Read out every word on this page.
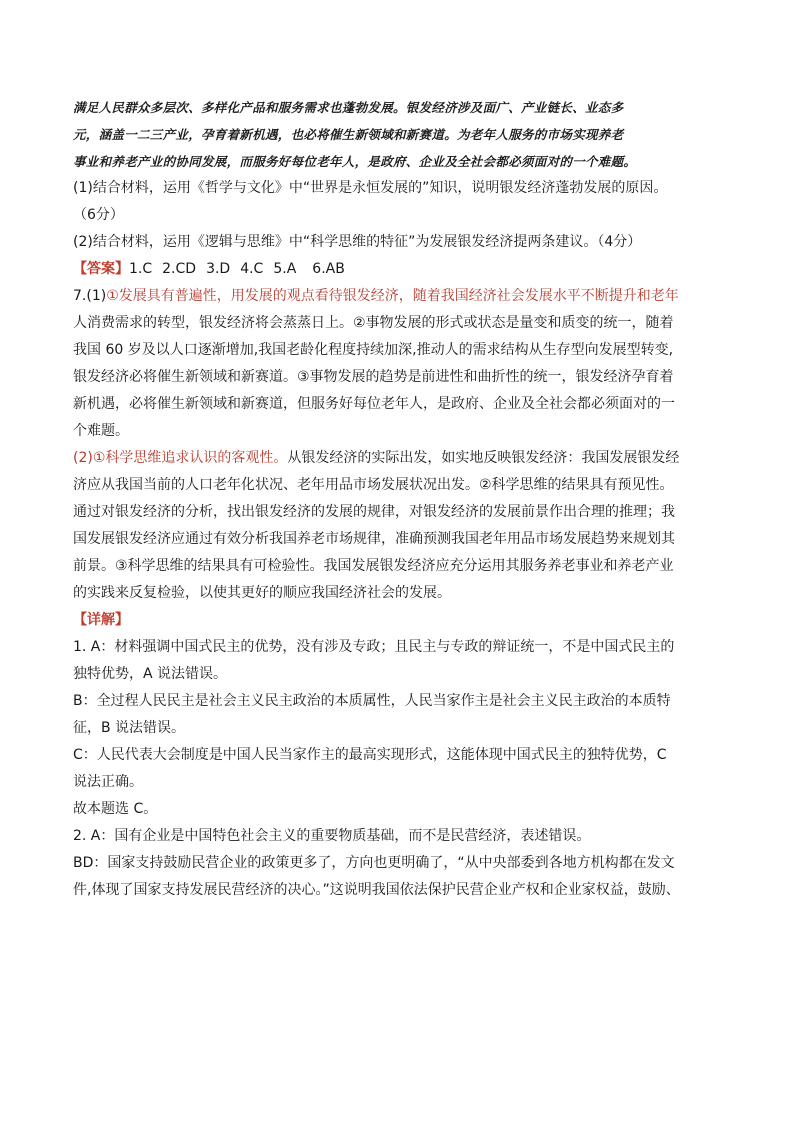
满足人民群众多层次、多样化产品和服务需求也蓬勃发展。银发经济涉及面广、产业链长、业态多
元，涵盖一二三产业，孕育着新机遇，也必将催生新领域和新赛道。为老年人服务的市场实现养老
事业和养老产业的协同发展，而服务好每位老年人，是政府、企业及全社会都必须面对的一个难题。
(1)结合材料，运用《哲学与文化》中“世界是永恒发展的”知识，说明银发经济蓬勃发展的原因。
（6分）
(2)结合材料，运用《逻辑与思维》中“科学思维的特征”为发展银发经济提两条建议。（4分）
【答案】1.C 2.CD 3.D 4.C 5.A 6.AB
7.(1)①发展具有普遍性，用发展的观点看待银发经济，随着我国经济社会发展水平不断提升和老年
人消费需求的转型，银发经济将会蒸蒸日上。②事物发展的形式或状态是量变和质变的统一，随着
我国 60 岁及以人口逐渐增加,我国老龄化程度持续加深,推动人的需求结构从生存型向发展型转变,
银发经济必将催生新领域和新赛道。③事物发展的趋势是前进性和曲折性的统一，银发经济孕育着
新机遇，必将催生新领域和新赛道，但服务好每位老年人，是政府、企业及全社会都必须面对的一
个难题。
(2)①科学思维追求认识的客观性。从银发经济的实际出发，如实地反映银发经济：我国发展银发经
济应从我国当前的人口老年化状况、老年用品市场发展状况出发。②科学思维的结果具有预见性。
通过对银发经济的分析，找出银发经济的发展的规律，对银发经济的发展前景作出合理的推理；我
国发展银发经济应通过有效分析我国养老市场规律，准确预测我国老年用品市场发展趋势来规划其
前景。③科学思维的结果具有可检验性。我国发展银发经济应充分运用其服务养老事业和养老产业
的实践来反复检验，以使其更好的顺应我国经济社会的发展。
【详解】
1. A：材料强调中国式民主的优势，没有涉及专政；且民主与专政的辩证统一，不是中国式民主的
独特优势，A 说法错误。
B：全过程人民民主是社会主义民主政治的本质属性，人民当家作主是社会主义民主政治的本质特
征，B 说法错误。
C：人民代表大会制度是中国人民当家作主的最高实现形式，这能体现中国式民主的独特优势，C
说法正确。
故本题选 C。
2. A：国有企业是中国特色社会主义的重要物质基础，而不是民营经济，表述错误。
BD：国家支持鼓励民营企业的政策更多了，方向也更明确了，“从中央部委到各地方机构都在发文
件,体现了国家支持发展民营经济的决心。”这说明我国依法保护民营企业产权和企业家权益，鼓励、
